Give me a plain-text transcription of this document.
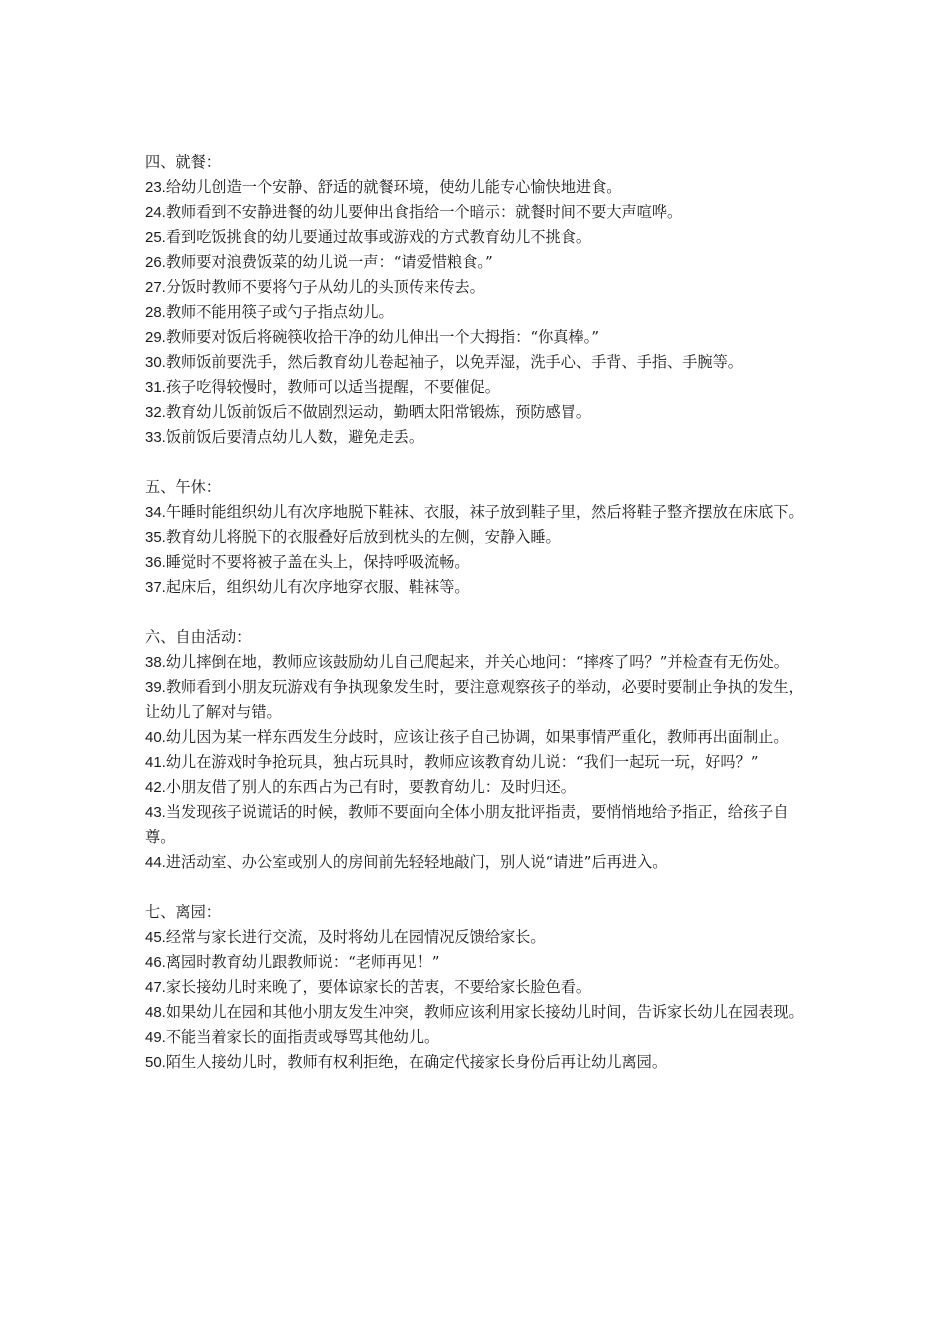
四、就餐：

23.给幼儿创造一个安静、舒适的就餐环境，使幼儿能专心愉快地进食。

24.教师看到不安静进餐的幼儿要伸出食指给一个暗示：就餐时间不要大声喧哗。

25.看到吃饭挑食的幼儿要通过故事或游戏的方式教育幼儿不挑食。

26.教师要对浪费饭菜的幼儿说一声：“请爱惜粮食。”

27.分饭时教师不要将勺子从幼儿的头顶传来传去。

28.教师不能用筷子或勺子指点幼儿。

29.教师要对饭后将碗筷收拾干净的幼儿伸出一个大拇指：“你真棒。”

30.教师饭前要洗手，然后教育幼儿卷起袖子，以免弄湿，洗手心、手背、手指、手腕等。

31.孩子吃得较慢时，教师可以适当提醒，不要催促。

32.教育幼儿饭前饭后不做剧烈运动，勤晒太阳常锻炼，预防感冒。

33.饭前饭后要清点幼儿人数，避免走丢。

五、午休：

34.午睡时能组织幼儿有次序地脱下鞋袜、衣服，袜子放到鞋子里，然后将鞋子整齐摆放在床底下。

35.教育幼儿将脱下的衣服叠好后放到枕头的左侧，安静入睡。

36.睡觉时不要将被子盖在头上，保持呼吸流畅。

37.起床后，组织幼儿有次序地穿衣服、鞋袜等。

六、自由活动：

38.幼儿摔倒在地，教师应该鼓励幼儿自己爬起来，并关心地问：“摔疼了吗？”并检查有无伤处。

39.教师看到小朋友玩游戏有争执现象发生时，要注意观察孩子的举动，必要时要制止争执的发生，让幼儿了解对与错。

40.幼儿因为某一样东西发生分歧时，应该让孩子自己协调，如果事情严重化，教师再出面制止。

41.幼儿在游戏时争抢玩具，独占玩具时，教师应该教育幼儿说：“我们一起玩一玩，好吗？”

42.小朋友借了别人的东西占为己有时，要教育幼儿：及时归还。

43.当发现孩子说谎话的时候，教师不要面向全体小朋友批评指责，要悄悄地给予指正，给孩子自尊。

44.进活动室、办公室或别人的房间前先轻轻地敲门，别人说“请进”后再进入。

七、离园：

45.经常与家长进行交流，及时将幼儿在园情况反馈给家长。

46.离园时教育幼儿跟教师说：“老师再见！”

47.家长接幼儿时来晚了，要体谅家长的苦衷，不要给家长脸色看。

48.如果幼儿在园和其他小朋友发生冲突，教师应该利用家长接幼儿时间，告诉家长幼儿在园表现。

49.不能当着家长的面指责或辱骂其他幼儿。

50.陌生人接幼儿时，教师有权利拒绝，在确定代接家长身份后再让幼儿离园。
